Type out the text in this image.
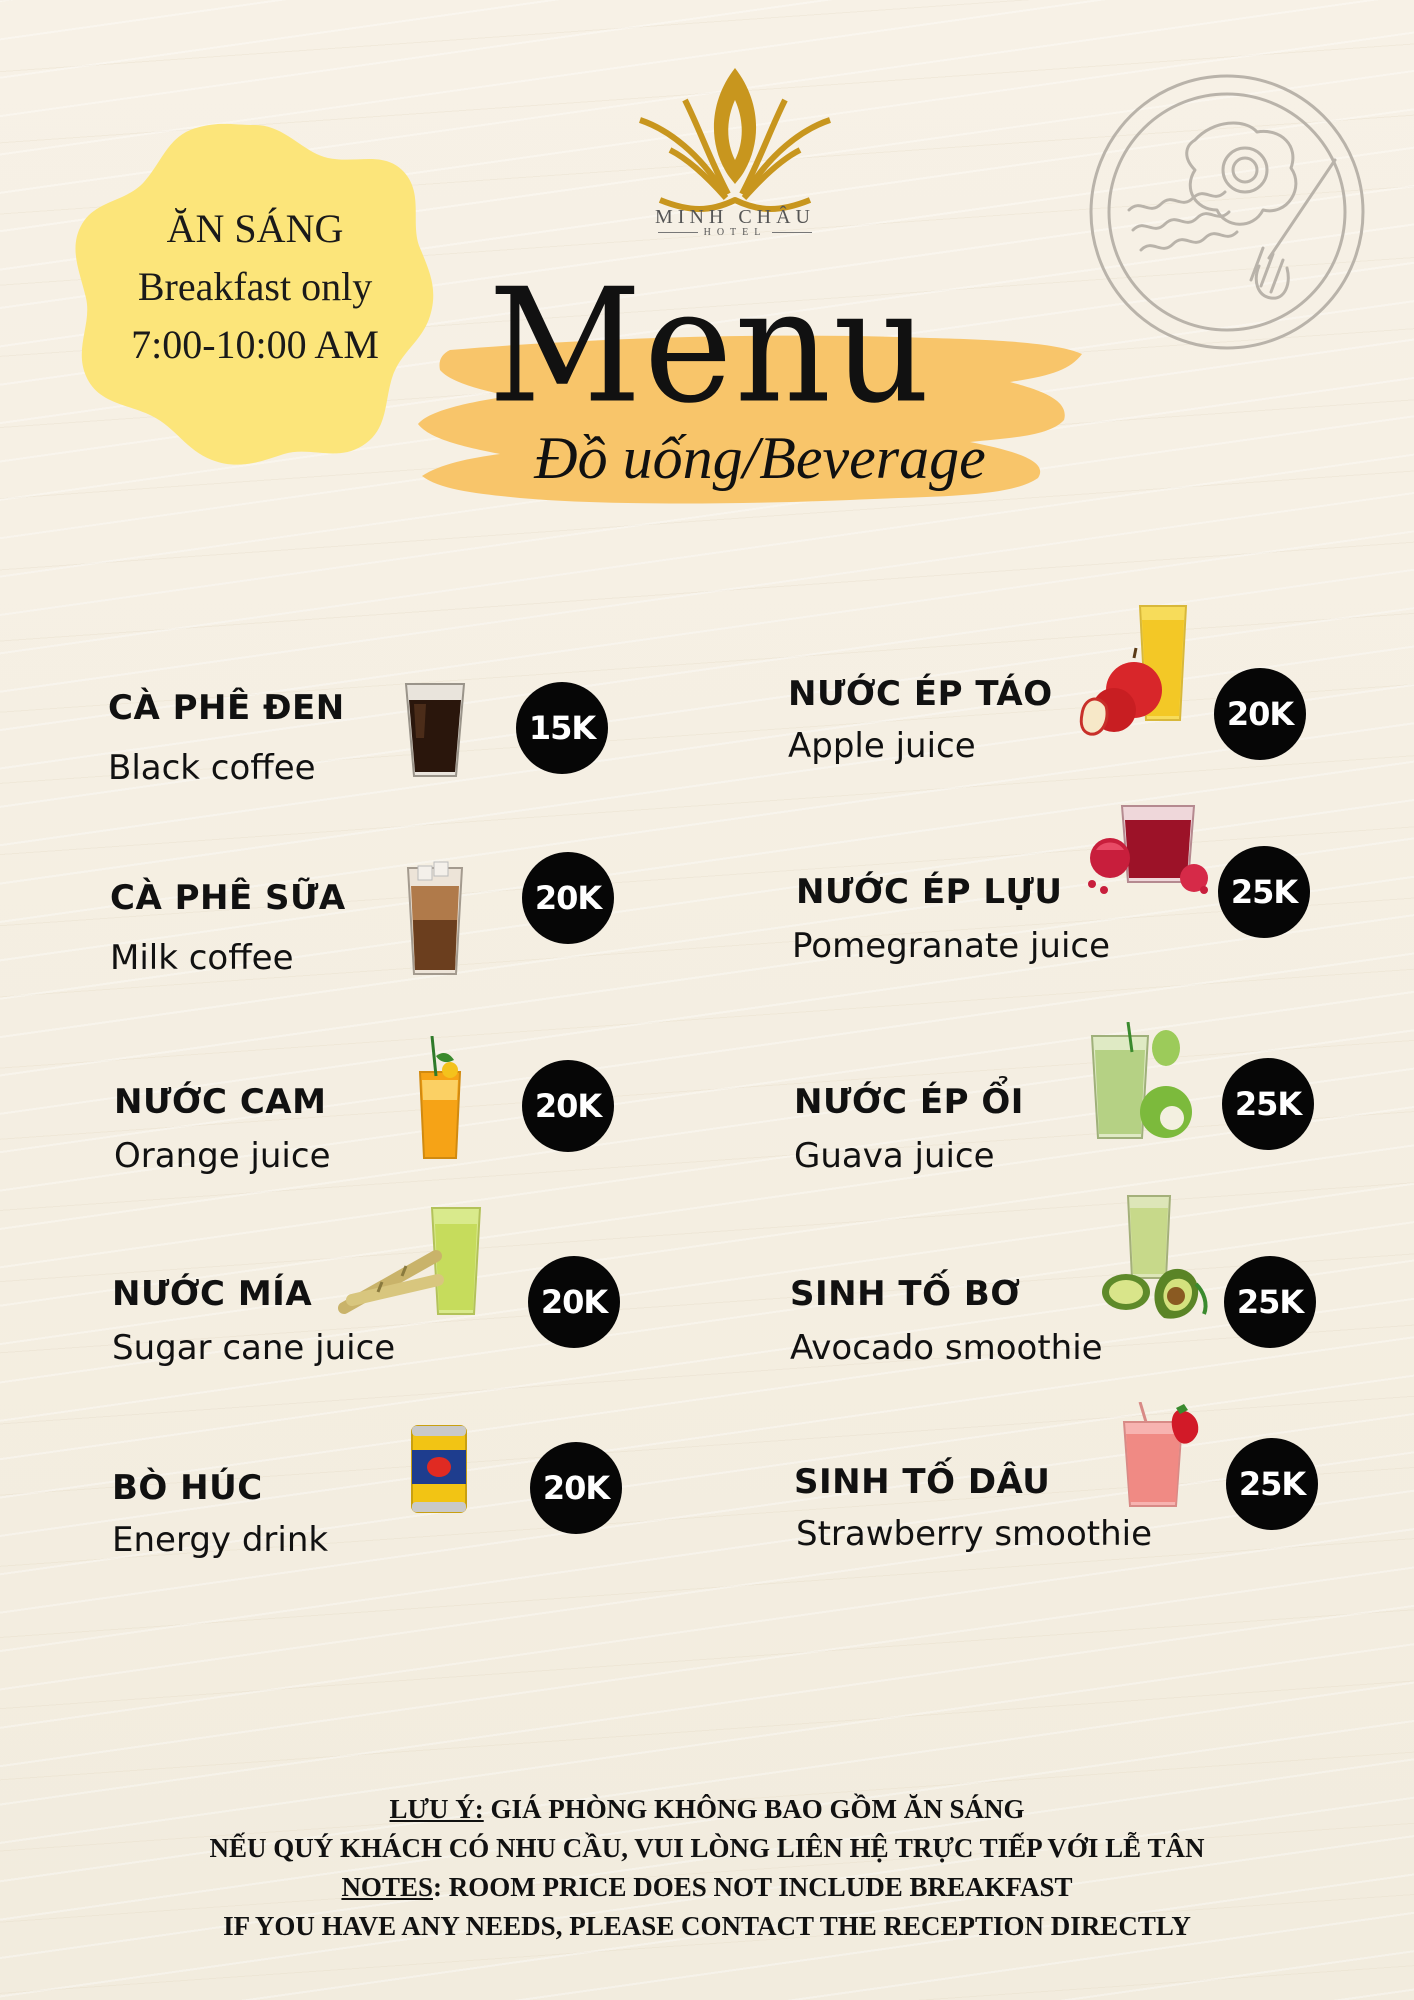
ĂN SÁNG
Breakfast only
7:00-10:00 AM
MINH CHÂU
HOTEL
Menu
Đồ uống/Beverage
CÀ PHÊ ĐEN
Black coffee
15K
CÀ PHÊ SỮA
Milk coffee
20K
NƯỚC CAM
Orange juice
20K
NƯỚC MÍA
Sugar cane juice
20K
BÒ HÚC
Energy drink
20K
NƯỚC ÉP TÁO
Apple juice
20K
NƯỚC ÉP LỰU
Pomegranate juice
25K
NƯỚC ÉP ỔI
Guava juice
25K
SINH TỐ BƠ
Avocado smoothie
25K
SINH TỐ DÂU
Strawberry smoothie
25K
LƯU Ý: GIÁ PHÒNG KHÔNG BAO GỒM ĂN SÁNG
NẾU QUÝ KHÁCH CÓ NHU CẦU, VUI LÒNG LIÊN HỆ TRỰC TIẾP VỚI LỄ TÂN
NOTES: ROOM PRICE DOES NOT INCLUDE BREAKFAST
IF YOU HAVE ANY NEEDS, PLEASE CONTACT THE RECEPTION DIRECTLY
